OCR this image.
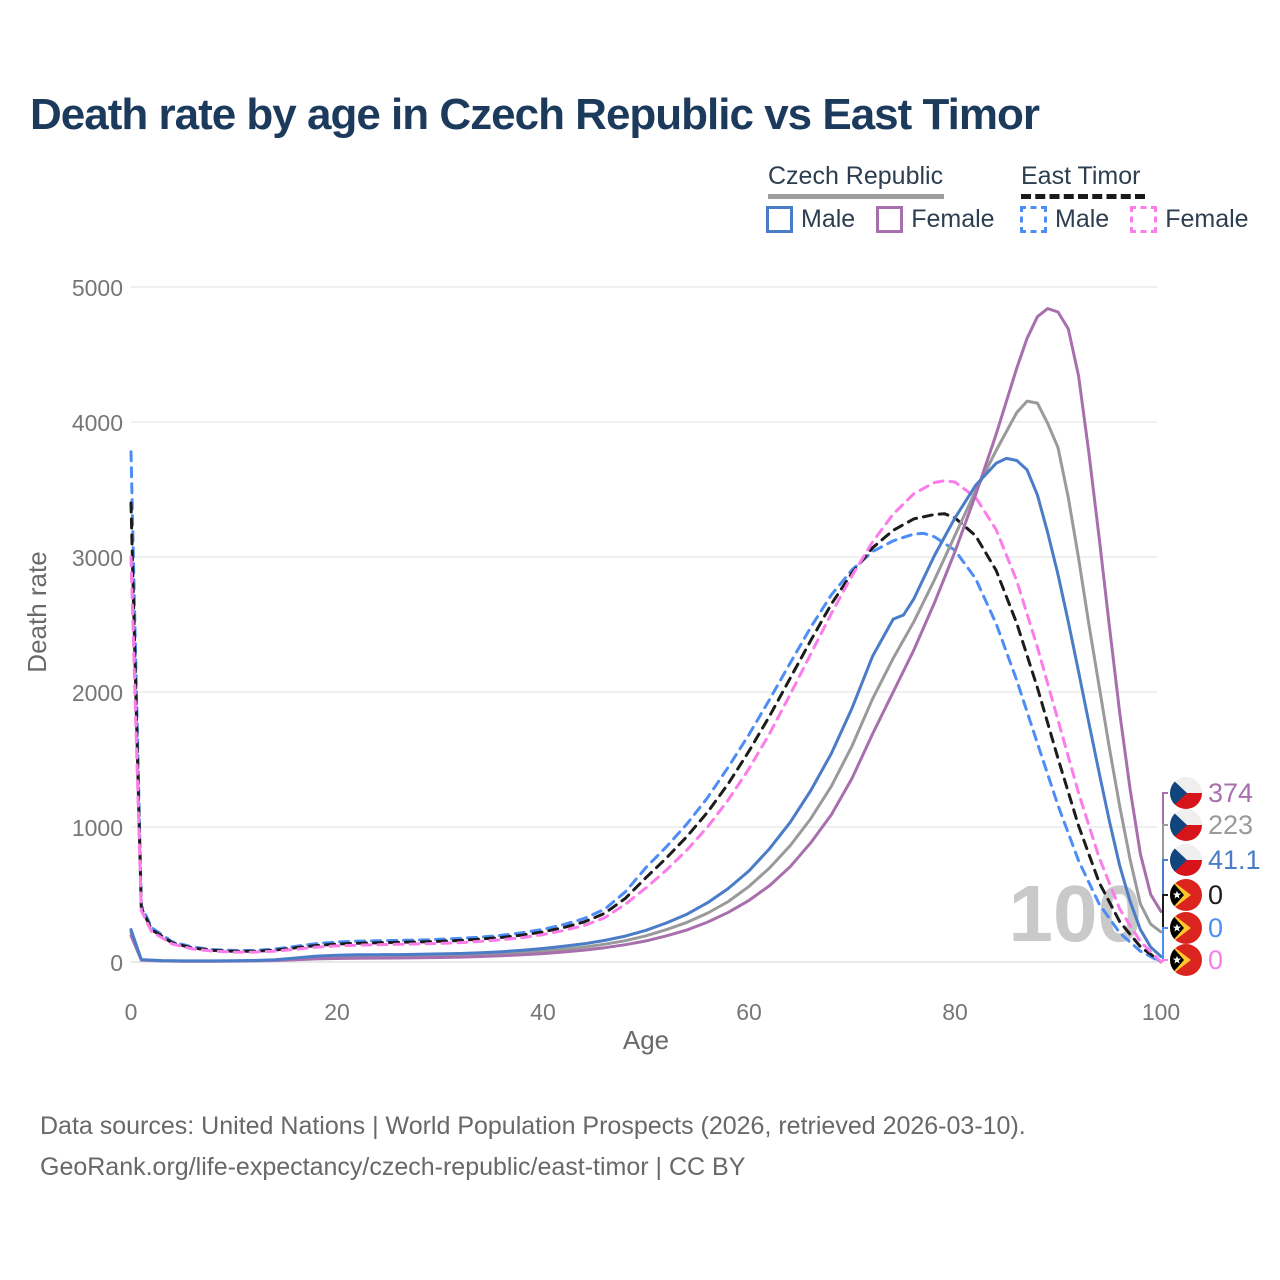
Death rate by age in Czech Republic vs East Timor
Czech Republic	East Timor
Male Female Male Female
0
1000
2000
3000
4000
5000
0	20	40	60	80	100
Age
Death rate
100
374
223
41.1
0
0
0
Data sources: United Nations | World Population Prospects (2026, retrieved 2026-03-10).
GeoRank.org/life-expectancy/czech-republic/east-timor | CC BY
